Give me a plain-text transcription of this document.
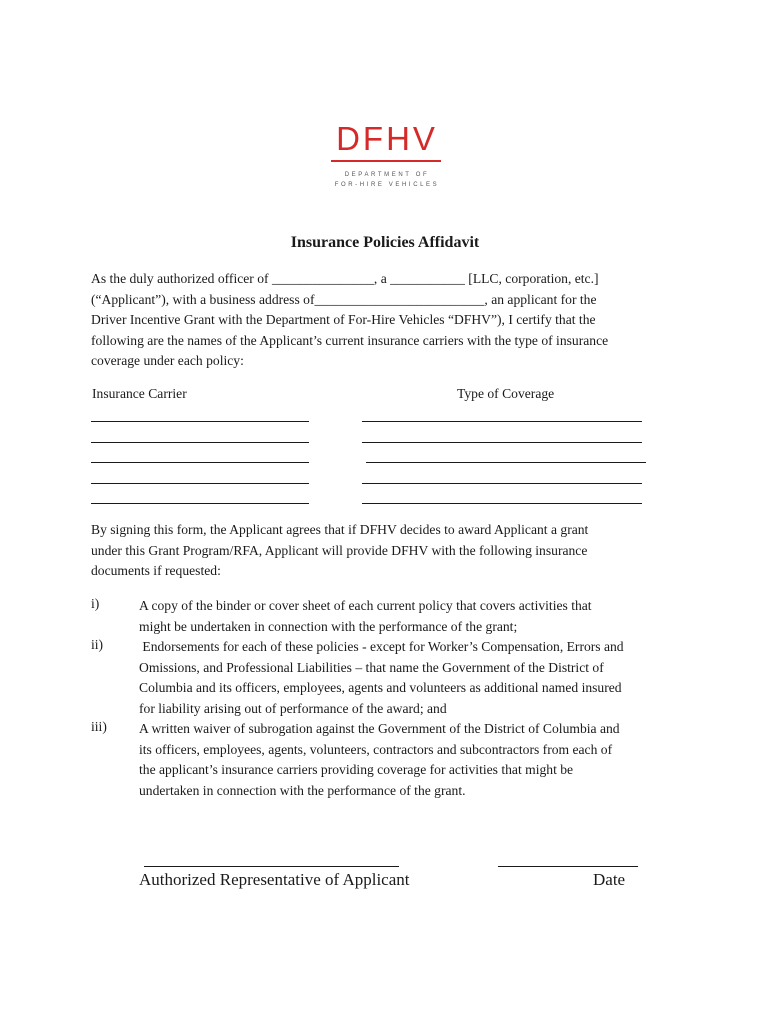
DFHV
DEPARTMENT OF
FOR-HIRE VEHICLES
Insurance Policies Affidavit
As the duly authorized officer of _______________, a ___________ [LLC, corporation, etc.]
(“Applicant”), with a business address of_________________________, an applicant for the
Driver Incentive Grant with the Department of For-Hire Vehicles “DFHV”), I certify that the
following are the names of the Applicant’s current insurance carriers with the type of insurance
coverage under each policy:
Insurance Carrier	Type of Coverage
By signing this form, the Applicant agrees that if DFHV decides to award Applicant a grant
under this Grant Program/RFA, Applicant will provide DFHV with the following insurance
documents if requested:
i)	A copy of the binder or cover sheet of each current policy that covers activities that
might be undertaken in connection with the performance of the grant;
ii)	Endorsements for each of these policies - except for Worker’s Compensation, Errors and
Omissions, and Professional Liabilities – that name the Government of the District of
Columbia and its officers, employees, agents and volunteers as additional named insured
for liability arising out of performance of the award; and
iii) A written waiver of subrogation against the Government of the District of Columbia and
its officers, employees, agents, volunteers, contractors and subcontractors from each of
the applicant’s insurance carriers providing coverage for activities that might be
undertaken in connection with the performance of the grant.
Authorized Representative of Applicant	Date
